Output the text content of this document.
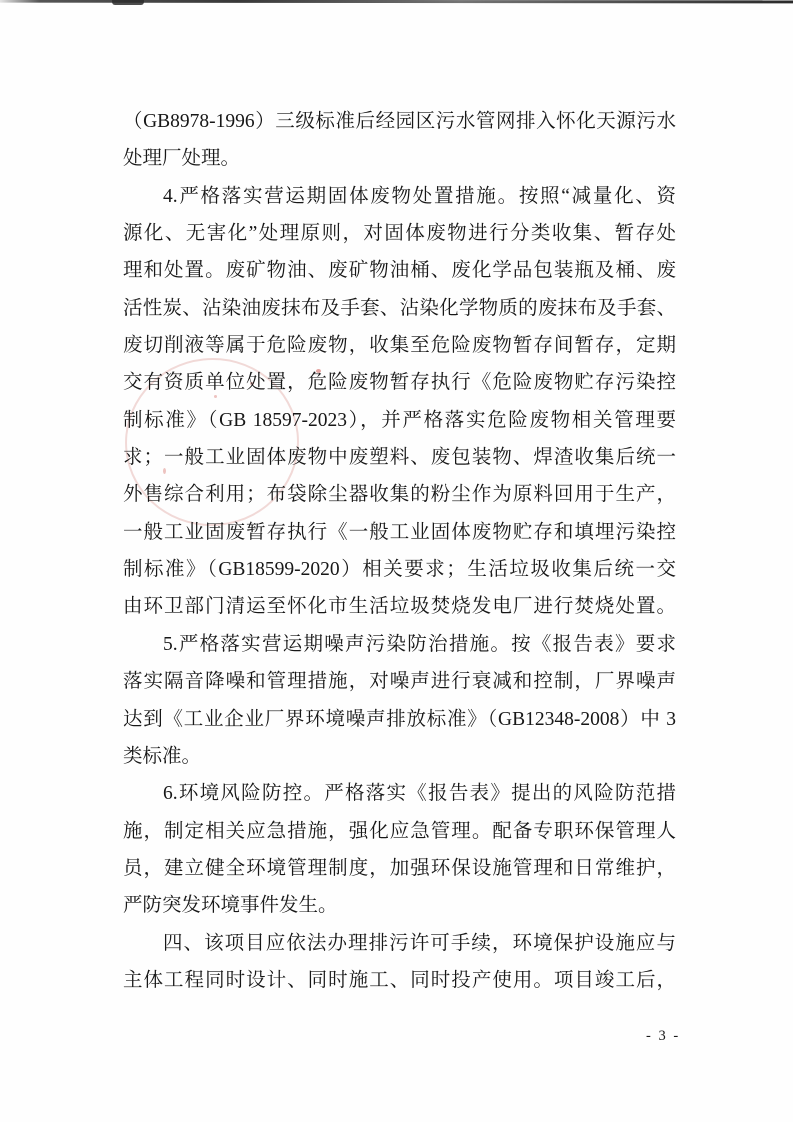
（GB8978-1996）三级标准后经园区污水管网排入怀化天源污水
处理厂处理。
4.严格落实营运期固体废物处置措施。按照“减量化、资
源化、无害化”处理原则，对固体废物进行分类收集、暂存处
理和处置。废矿物油、废矿物油桶、废化学品包装瓶及桶、废
活性炭、沾染油废抹布及手套、沾染化学物质的废抹布及手套、
废切削液等属于危险废物，收集至危险废物暂存间暂存，定期
交有资质单位处置，危险废物暂存执行《危险废物贮存污染控
制标准》（GB 18597-2023），并严格落实危险废物相关管理要
求；一般工业固体废物中废塑料、废包装物、焊渣收集后统一
外售综合利用；布袋除尘器收集的粉尘作为原料回用于生产，
一般工业固废暂存执行《一般工业固体废物贮存和填埋污染控
制标准》（GB18599-2020）相关要求；生活垃圾收集后统一交
由环卫部门清运至怀化市生活垃圾焚烧发电厂进行焚烧处置。
5.严格落实营运期噪声污染防治措施。按《报告表》要求
落实隔音降噪和管理措施，对噪声进行衰减和控制，厂界噪声
达到《工业企业厂界环境噪声排放标准》（GB12348-2008）中 3
类标准。
6.环境风险防控。严格落实《报告表》提出的风险防范措
施，制定相关应急措施，强化应急管理。配备专职环保管理人
员，建立健全环境管理制度，加强环保设施管理和日常维护，
严防突发环境事件发生。
四、该项目应依法办理排污许可手续，环境保护设施应与
主体工程同时设计、同时施工、同时投产使用。项目竣工后，
- 3 -
